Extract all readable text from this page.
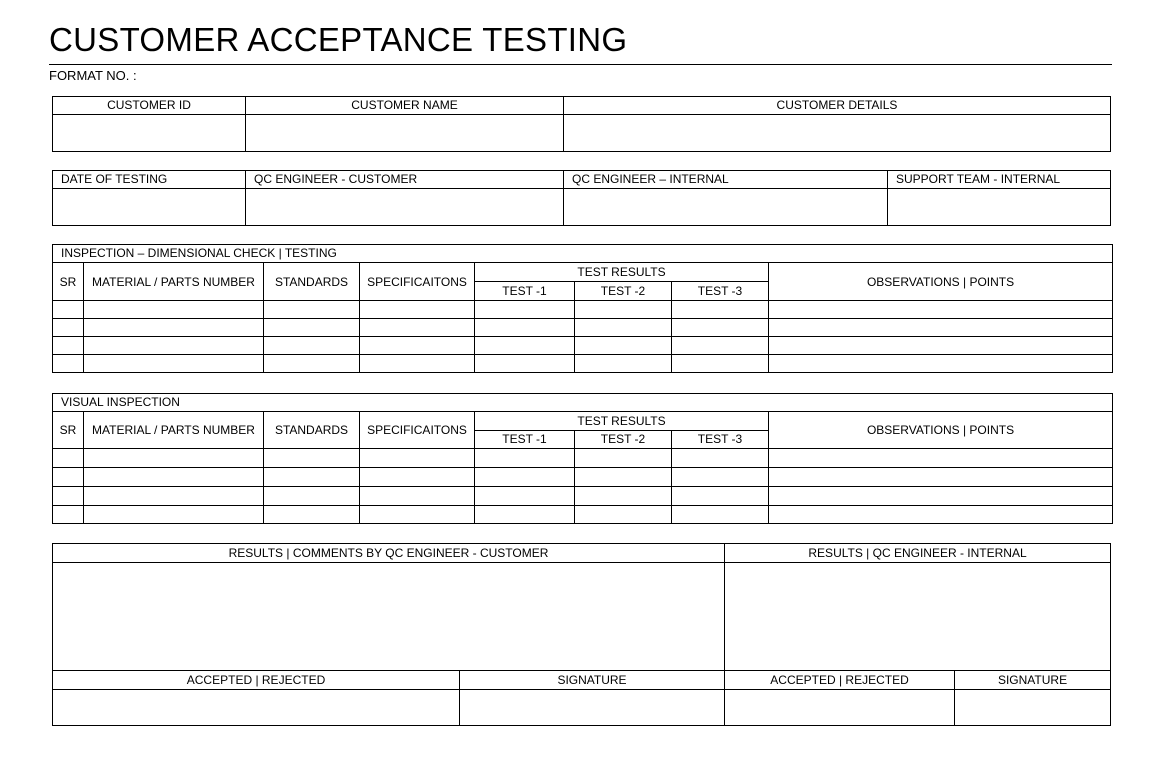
CUSTOMER ACCEPTANCE TESTING
FORMAT NO. :
CUSTOMER ID	CUSTOMER NAME	CUSTOMER DETAILS

DATE OF TESTING	QC ENGINEER - CUSTOMER	QC ENGINEER – INTERNAL	SUPPORT TEAM - INTERNAL

INSPECTION – DIMENSIONAL CHECK | TESTING							
SR	MATERIAL / PARTS NUMBER	STANDARDS	SPECIFICAITONS	TEST RESULTS			OBSERVATIONS | POINTS
				TEST -1	TEST -2	TEST -3	

VISUAL INSPECTION							
SR	MATERIAL / PARTS NUMBER	STANDARDS	SPECIFICAITONS	TEST RESULTS			OBSERVATIONS | POINTS
				TEST -1	TEST -2	TEST -3	

RESULTS | COMMENTS BY QC ENGINEER - CUSTOMER		RESULTS | QC ENGINEER - INTERNAL	

ACCEPTED | REJECTED	SIGNATURE	ACCEPTED | REJECTED	SIGNATURE
